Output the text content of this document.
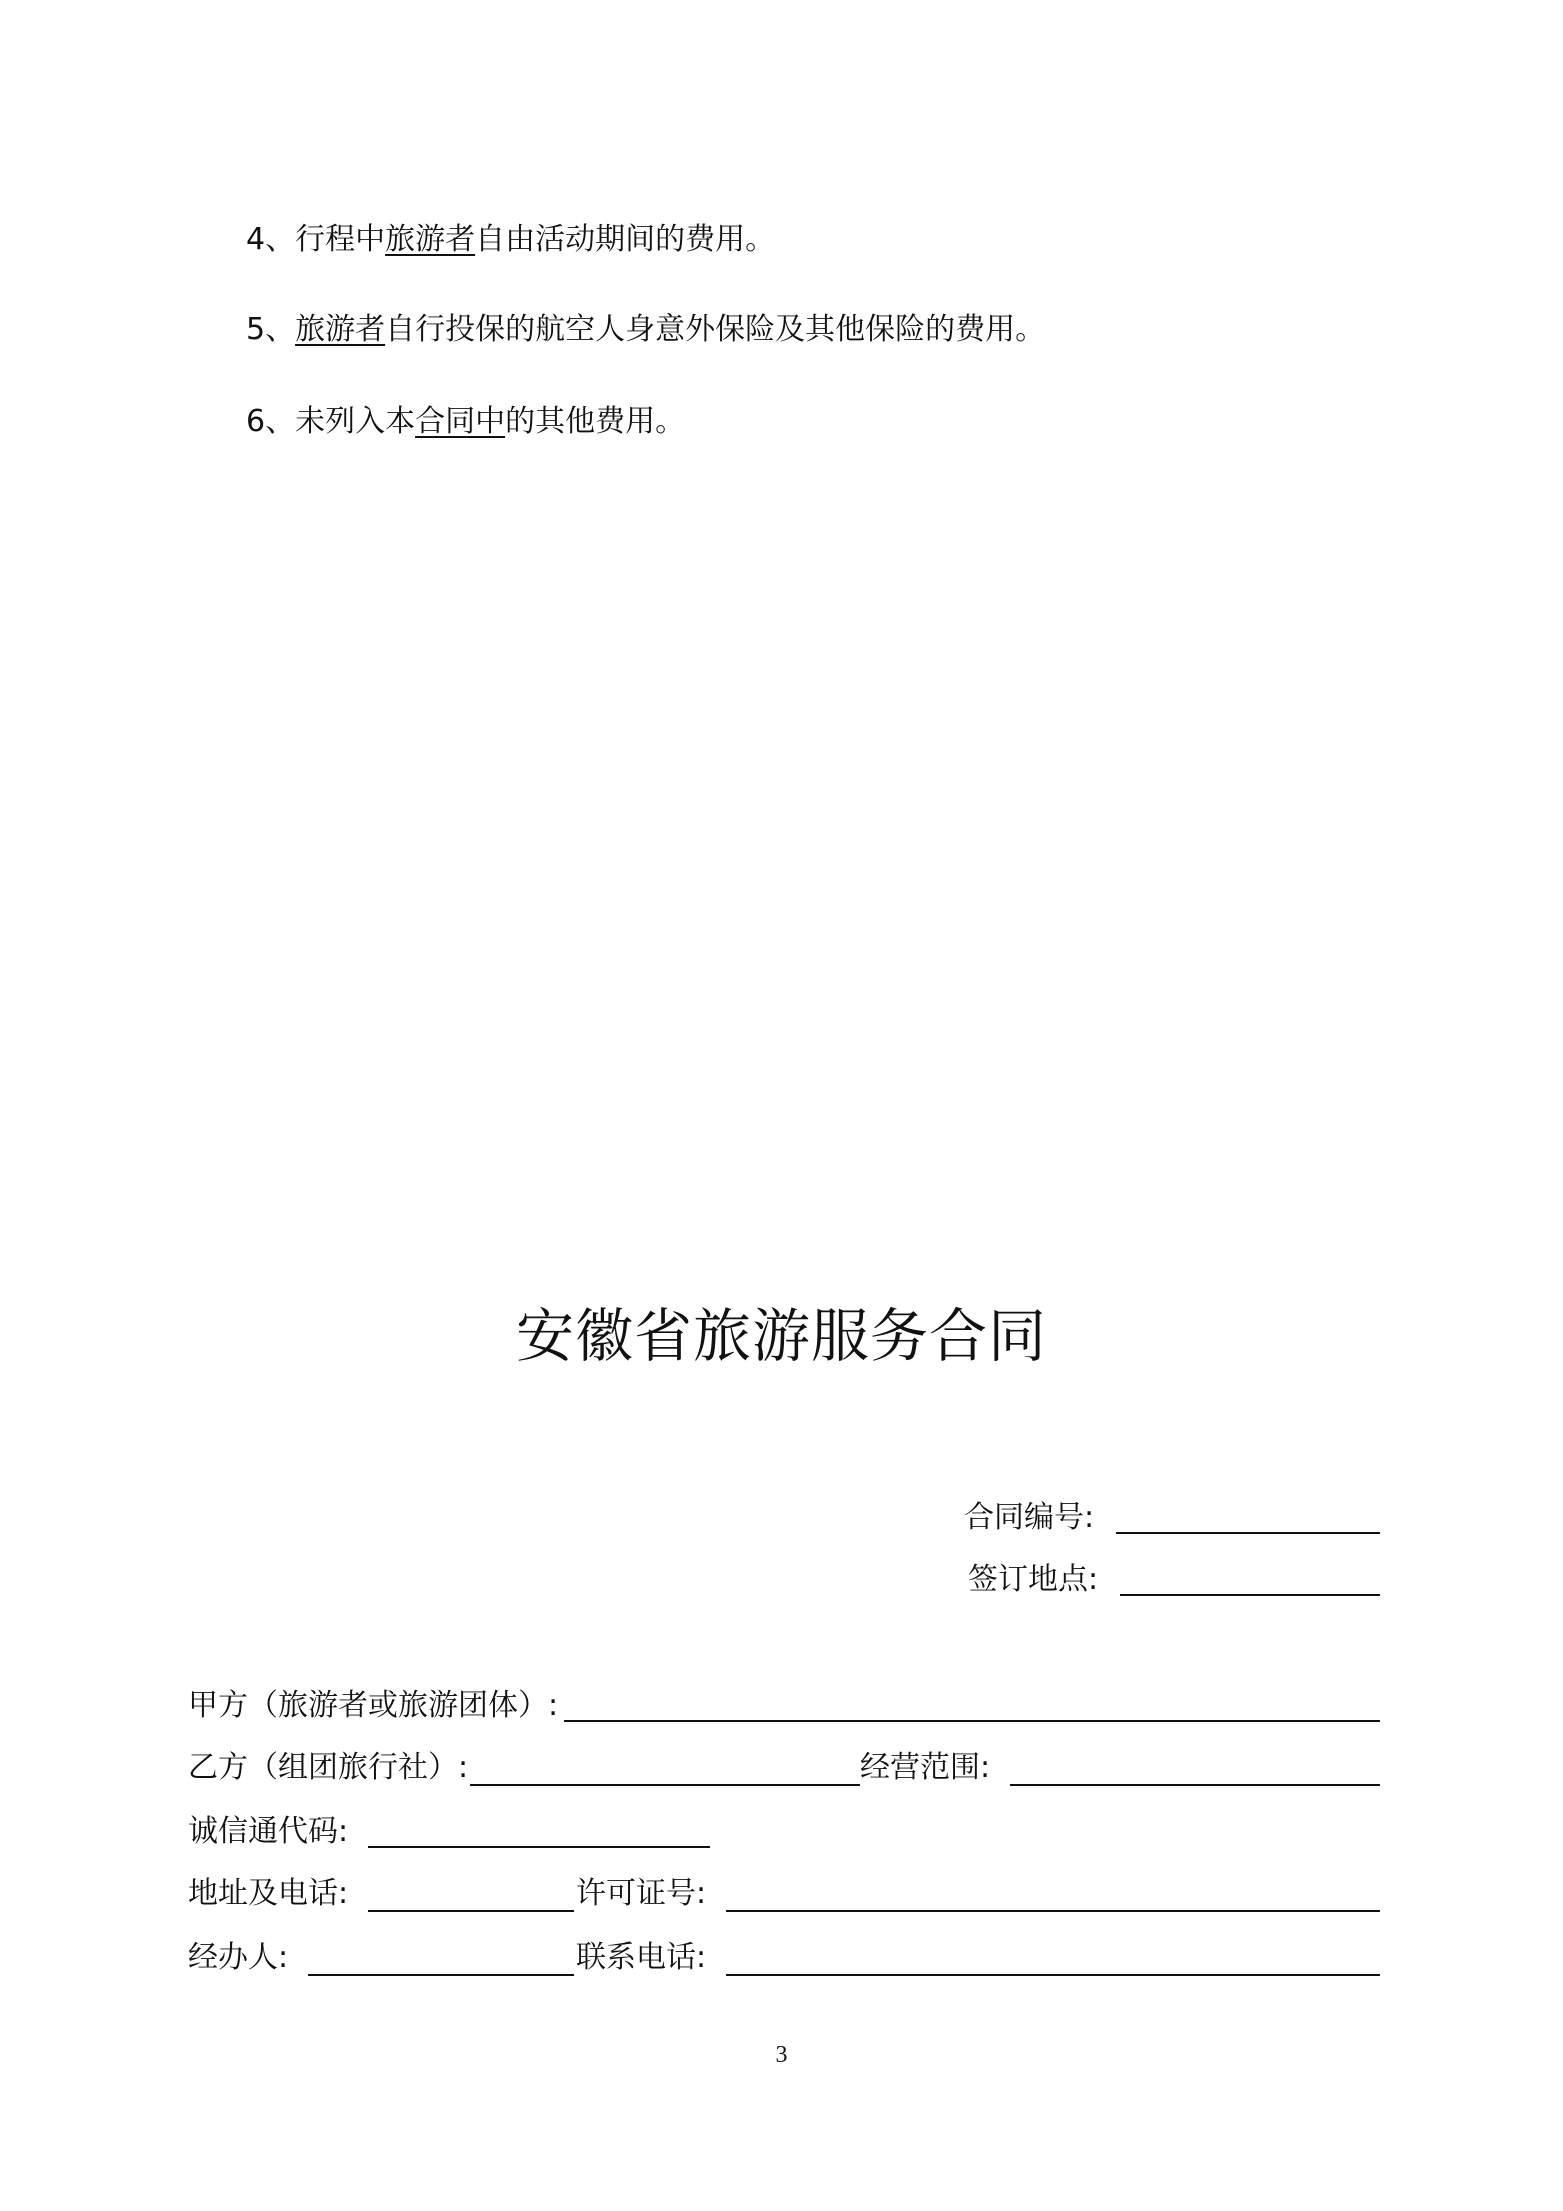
4、行程中旅游者自由活动期间的费用。
5、旅游者自行投保的航空人身意外保险及其他保险的费用。
6、未列入本合同中的其他费用。
安徽省旅游服务合同
合同编号:
签订地点:
甲方（旅游者或旅游团体）:
乙方（组团旅行社）:	经营范围:
诚信通代码:
地址及电话:	许可证号:
经办人:	联系电话:
3
